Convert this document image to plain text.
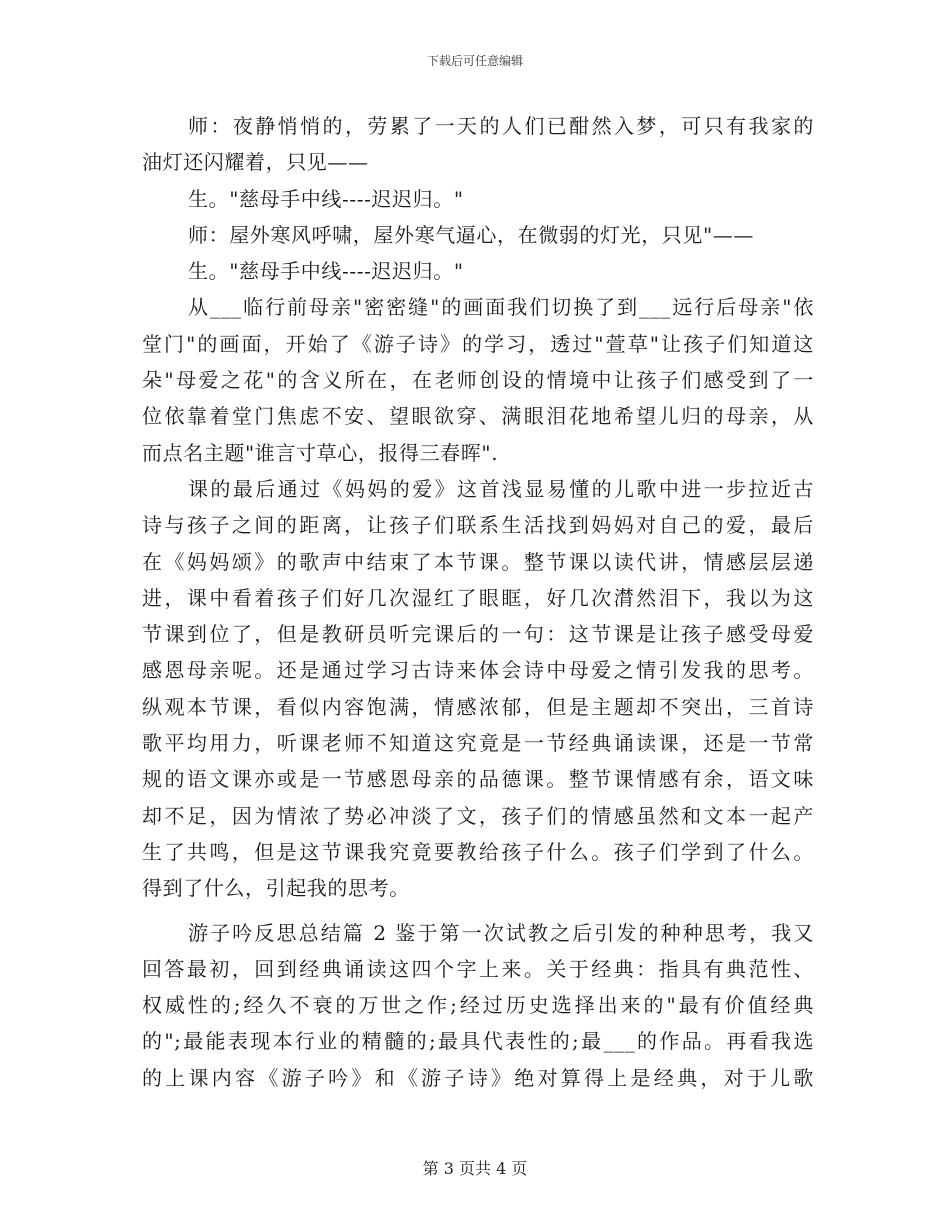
下载后可任意编辑
师：夜静悄悄的，劳累了一天的人们已酣然入梦，可只有我家的
油灯还闪耀着，只见——
生。"慈母手中线----迟迟归。"
师：屋外寒风呼啸，屋外寒气逼心，在微弱的灯光，只见"——
生。"慈母手中线----迟迟归。"
从___临行前母亲"密密缝"的画面我们切换了到___远行后母亲"依
堂门"的画面，开始了《游子诗》的学习，透过"萱草"让孩子们知道这
朵"母爱之花"的含义所在，在老师创设的情境中让孩子们感受到了一
位依靠着堂门焦虑不安、望眼欲穿、满眼泪花地希望儿归的母亲，从
而点名主题"谁言寸草心，报得三春晖".
课的最后通过《妈妈的爱》这首浅显易懂的儿歌中进一步拉近古
诗与孩子之间的距离，让孩子们联系生活找到妈妈对自己的爱，最后
在《妈妈颂》的歌声中结束了本节课。整节课以读代讲，情感层层递
进，课中看着孩子们好几次湿红了眼眶，好几次潸然泪下，我以为这
节课到位了，但是教研员听完课后的一句：这节课是让孩子感受母爱
感恩母亲呢。还是通过学习古诗来体会诗中母爱之情引发我的思考。
纵观本节课，看似内容饱满，情感浓郁，但是主题却不突出，三首诗
歌平均用力，听课老师不知道这究竟是一节经典诵读课，还是一节常
规的语文课亦或是一节感恩母亲的品德课。整节课情感有余，语文味
却不足，因为情浓了势必冲淡了文，孩子们的情感虽然和文本一起产
生了共鸣，但是这节课我究竟要教给孩子什么。孩子们学到了什么。
得到了什么，引起我的思考。
游子吟反思总结篇 2 鉴于第一次试教之后引发的种种思考，我又
回答最初，回到经典诵读这四个字上来。关于经典：指具有典范性、
权威性的;经久不衰的万世之作;经过历史选择出来的"最有价值经典
的";最能表现本行业的精髓的;最具代表性的;最___的作品。再看我选
的上课内容《游子吟》和《游子诗》绝对算得上是经典，对于儿歌
第 3 页共 4 页
